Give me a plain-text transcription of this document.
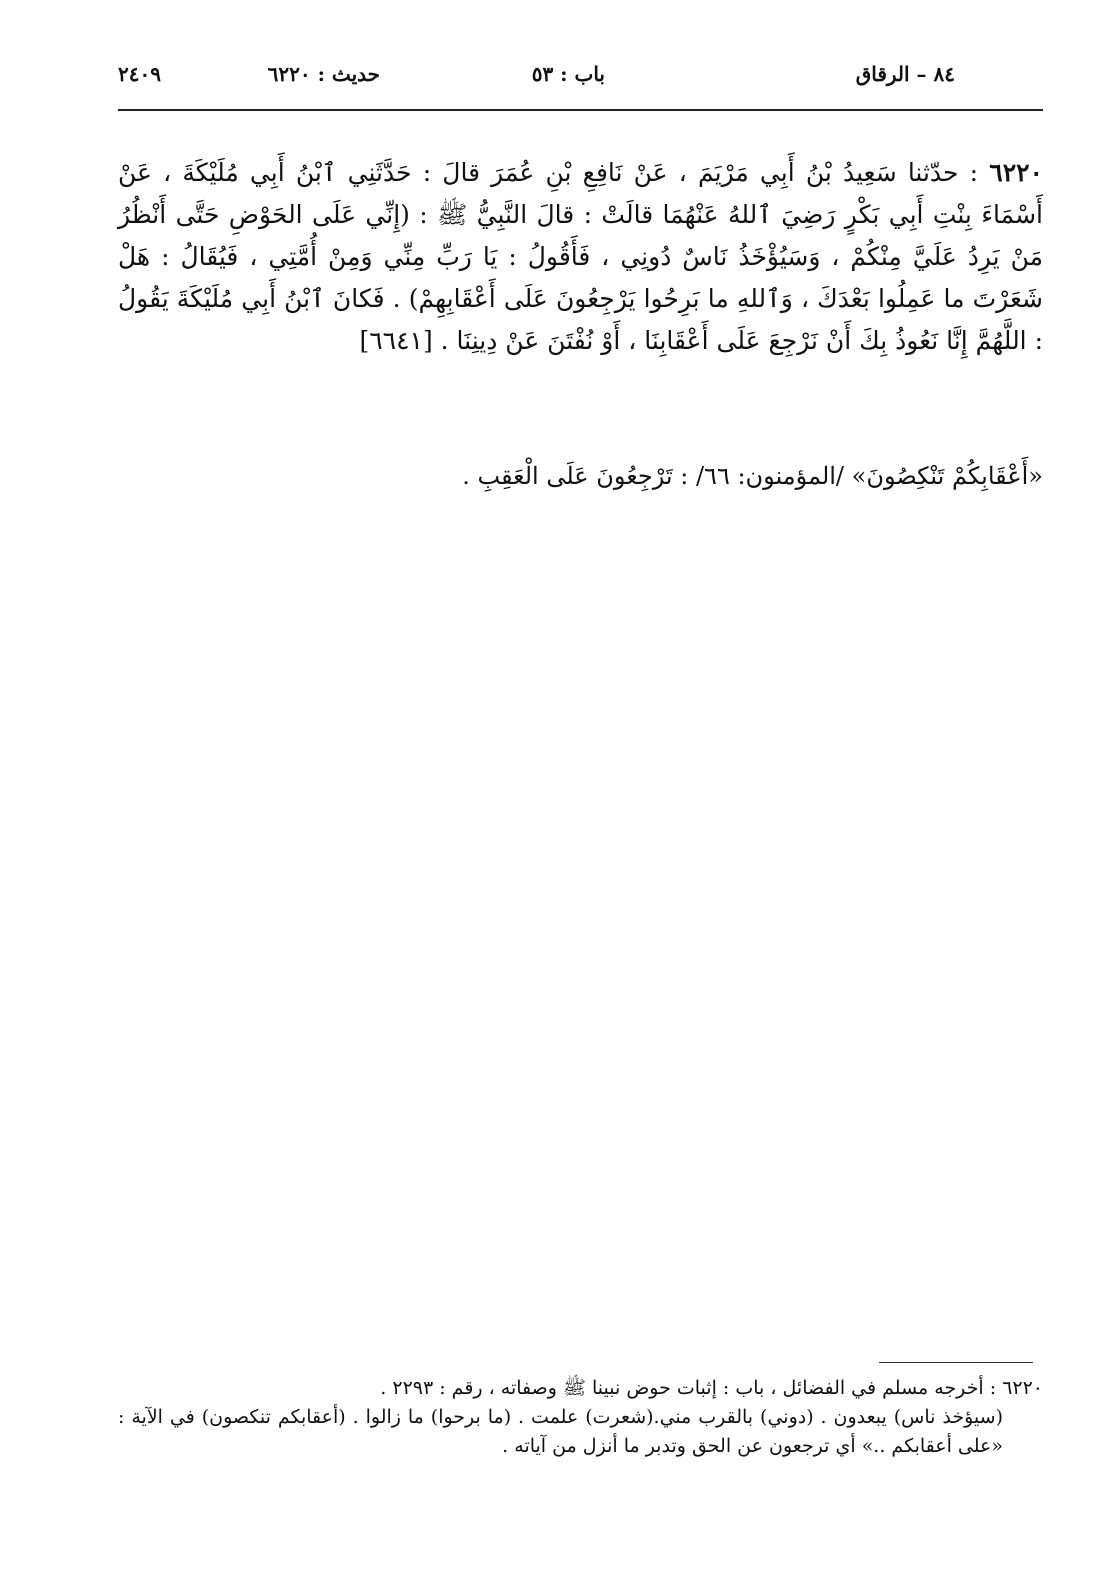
٨٤ – الرقاق
باب : ٥٣
حديث : ٦٢٢٠
٢٤٠٩

٦٢٢٠ : حدّثنا سَعِيدُ بْنُ أَبِي مَرْيَمَ ، عَنْ نَافِعِ بْنِ عُمَرَ قالَ : حَدَّثَنِي ٱبْنُ أَبِي مُلَيْكَةَ ، عَنْ أَسْمَاءَ بِنْتِ أَبِي بَكْرٍ رَضِيَ ٱللهُ عَنْهُمَا قالَتْ : قالَ النَّبِيُّ ﷺ : (إِنِّي عَلَى الحَوْضِ حَتَّى أَنْظُرُ مَنْ يَرِدُ عَلَيَّ مِنْكُمْ ، وَسَيُؤْخَذُ نَاسٌ دُونِي ، فَأَقُولُ : يَا رَبِّ مِنِّي وَمِنْ أُمَّتِي ، فَيُقَالُ : هَلْ شَعَرْتَ ما عَمِلُوا بَعْدَكَ ، وَٱللهِ ما بَرِحُوا يَرْجِعُونَ عَلَى أَعْقَابِهِمْ) . فَكانَ ٱبْنُ أَبِي مُلَيْكَةَ يَقُولُ : اللَّهُمَّ إِنَّا نَعُوذُ بِكَ أَنْ نَرْجِعَ عَلَى أَعْقَابِنَا ، أَوْ نُفْتَنَ عَنْ دِينِنَا . [٦٦٤١]

«أَعْقَابِكُمْ تَنْكِصُونَ» /المؤمنون: ٦٦/ : تَرْجِعُونَ عَلَى الْعَقِبِ .

٦٢٢٠ : أخرجه مسلم في الفضائل ، باب : إثبات حوض نبينا ﷺ وصفاته ، رقم : ٢٢٩٣ .

(سيؤخذ ناس) يبعدون . (دوني) بالقرب مني.(شعرت) علمت . (ما برحوا) ما زالوا . (أعقابكم تنكصون) في الآية : «على أعقابكم ..» أي ترجعون عن الحق وتدبر ما أنزل من آياته .
